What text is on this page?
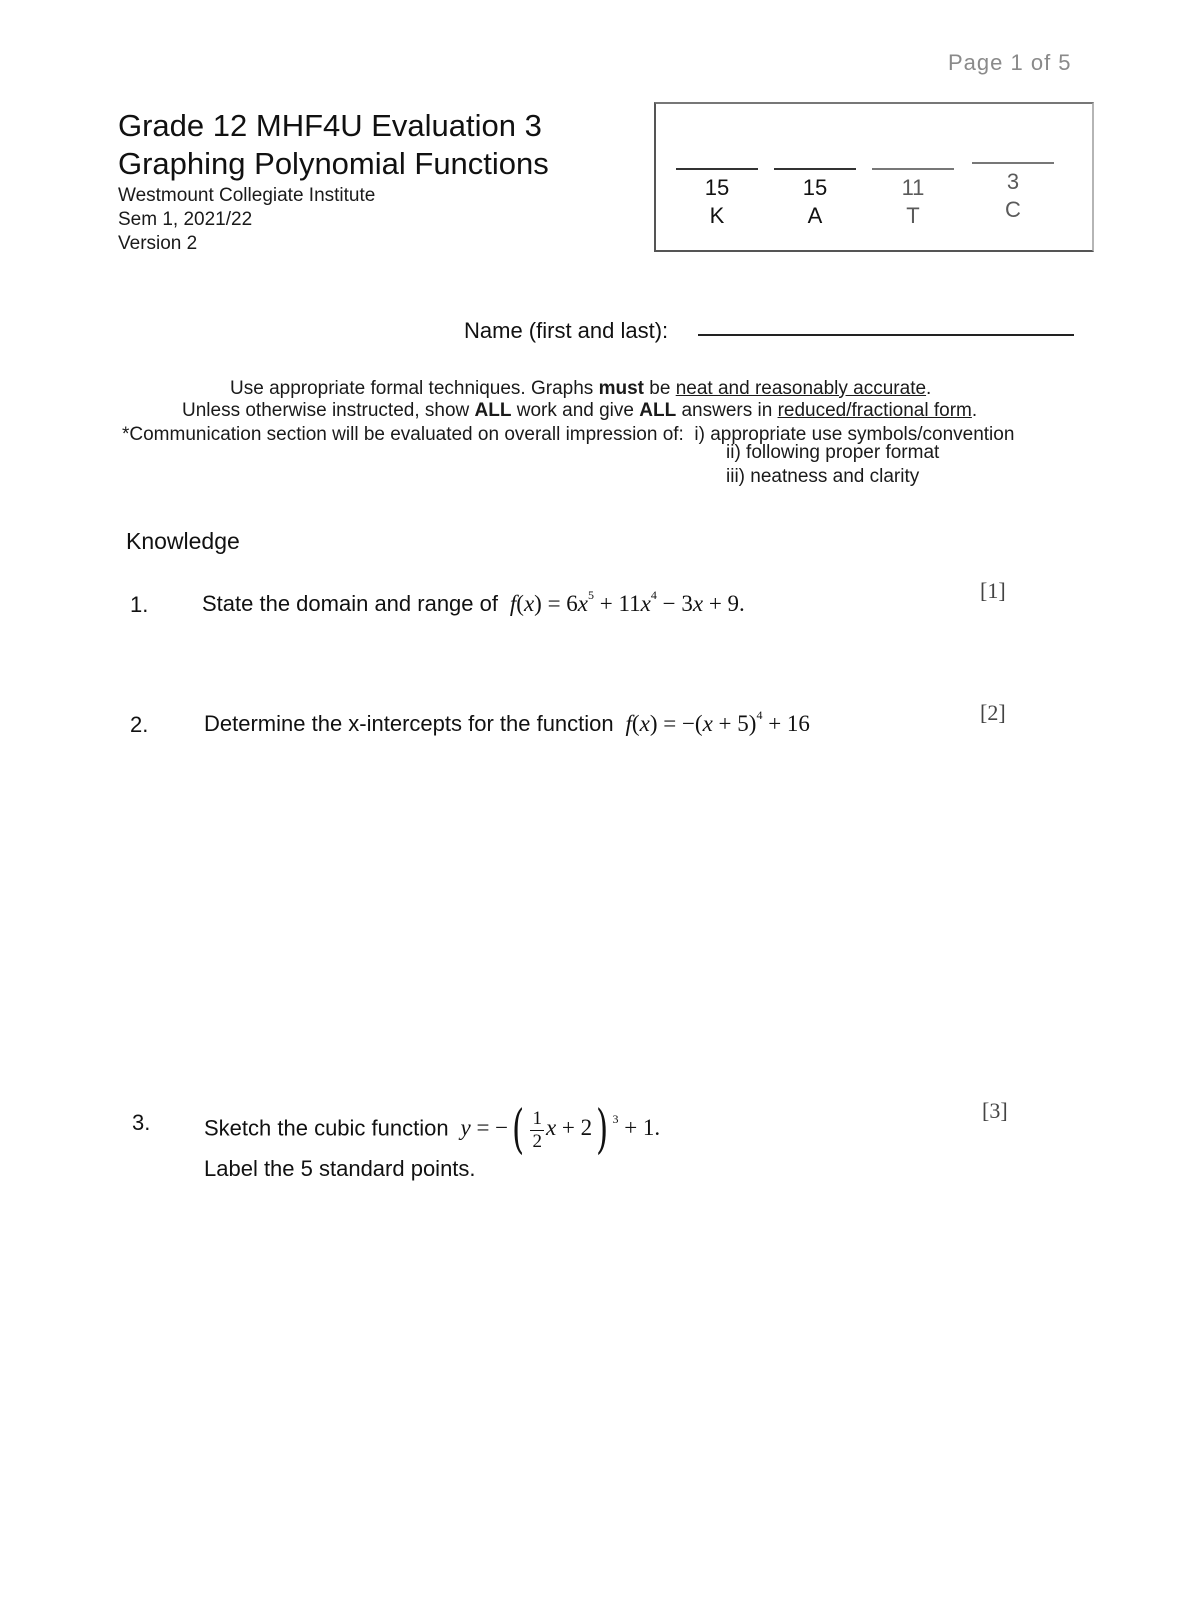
Page 1 of 5
Grade 12 MHF4U Evaluation 3
Graphing Polynomial Functions
Westmount Collegiate Institute
Sem 1, 2021/22
Version 2
15
K
15
A
11
T
3
C
Name (first and last):
Use appropriate formal techniques. Graphs must be neat and reasonably accurate.
Unless otherwise instructed, show ALL work and give ALL answers in reduced/fractional form.
*Communication section will be evaluated on overall impression of: i) appropriate use symbols/convention
ii) following proper format
iii) neatness and clarity
Knowledge
1. State the domain and range of $f(x) = 6x^5 + 11x^4 - 3x + 9$.
[1]
2.	Determine the x-intercepts for the function $f(x) = -(x + 5)^4 + 16$	[2]
3. Sketch the cubic function y = −( $\frac{1}{2}$ x + 2) $^3$ + 1.
[3]
Label the 5 standard points.
